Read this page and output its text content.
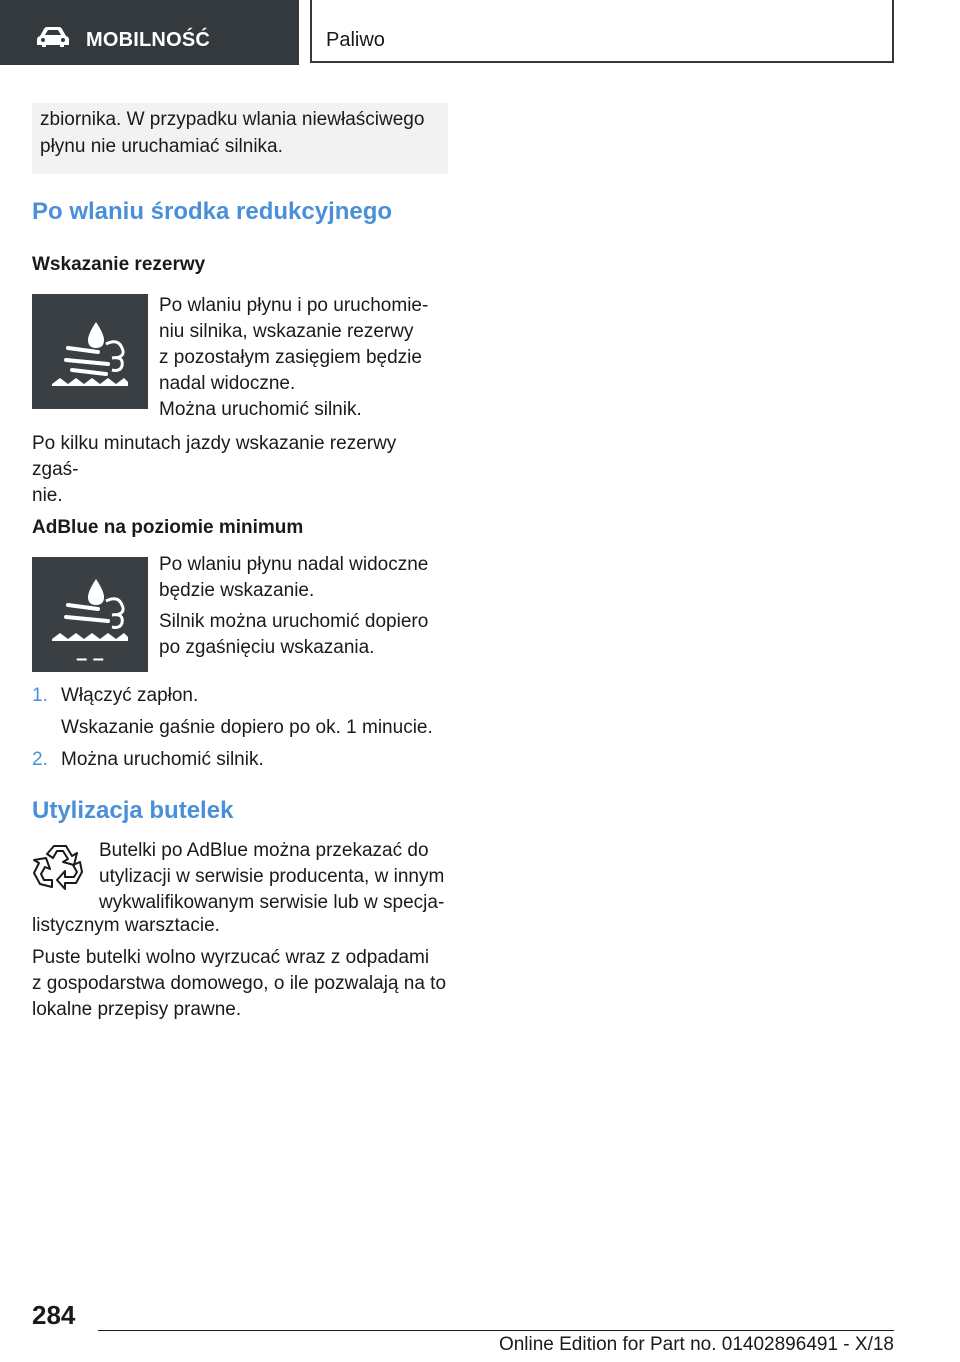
MOBILNOŚĆ	Paliwo

zbiornika. W przypadku wlania niewłaściwego

płynu nie uruchamiać silnika.

Po wlaniu środka redukcyjnego
Wskazanie rezerwy

Po wlaniu płynu i po uruchomie-

niu silnika, wskazanie rezerwy

z pozostałym zasięgiem będzie

nadal widoczne.

Można uruchomić silnik.

Po kilku minutach jazdy wskazanie rezerwy zgaś-

nie.

AdBlue na poziomie minimum
– –

Po wlaniu płynu nadal widoczne

będzie wskazanie.

Silnik można uruchomić dopiero

po zgaśnięciu wskazania.

1. Włączyć zapłon.
Wskazanie gaśnie dopiero po ok. 1 minucie.
2. Można uruchomić silnik.
Utylizacja butelek

Butelki po AdBlue można przekazać do

utylizacji w serwisie producenta, w innym

wykwalifikowanym serwisie lub w specja-

listycznym warsztacie.

Puste butelki wolno wyrzucać wraz z odpadami

z gospodarstwa domowego, o ile pozwalają na to

lokalne przepisy prawne.

284
Online Edition for Part no. 01402896491 - X/18
